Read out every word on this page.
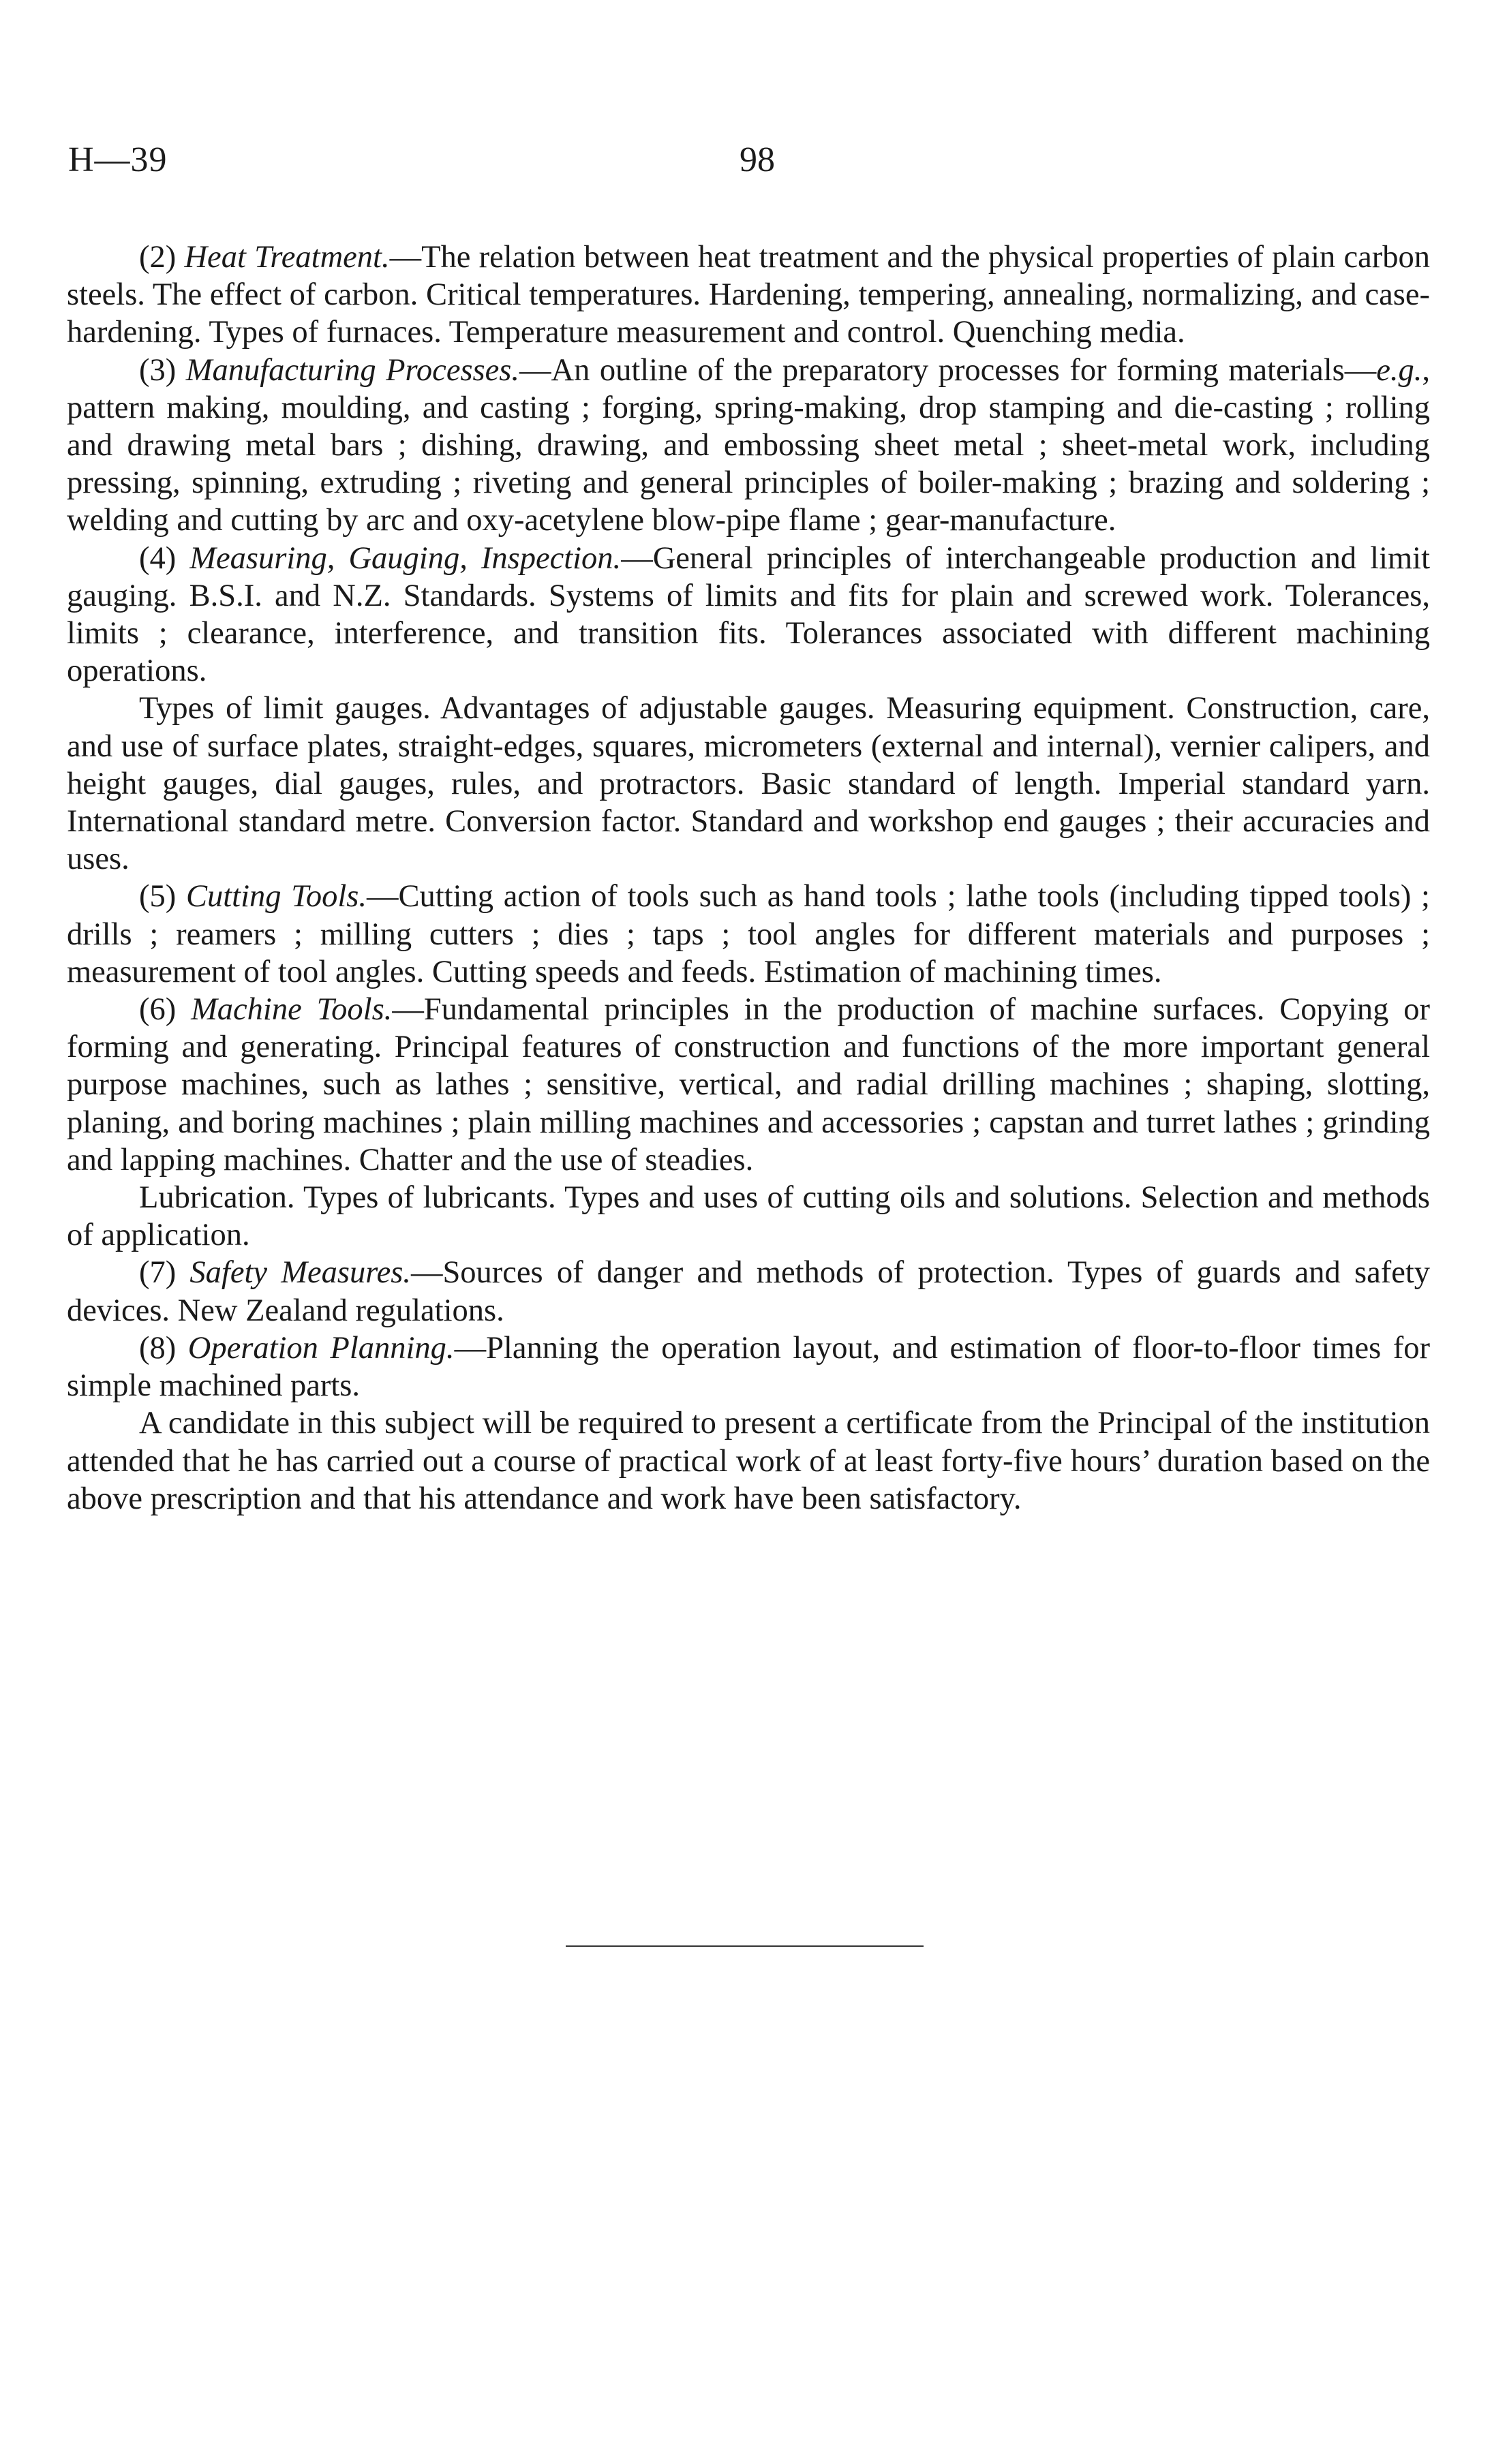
H—39	98

(2) Heat Treatment.—The relation between heat treatment and the physical properties of plain carbon steels. The effect of carbon. Critical temperatures. Hardening, tempering, annealing, normalizing, and case-hardening. Types of furnaces. Temperature measurement and control. Quenching media.

(3) Manufacturing Processes.—An outline of the preparatory processes for forming materials—e.g., pattern making, moulding, and casting ; forging, spring-making, drop stamping and die-casting ; rolling and drawing metal bars ; dishing, drawing, and embossing sheet metal ; sheet-metal work, including pressing, spinning, extruding ; riveting and general principles of boiler-making ; brazing and soldering ; welding and cutting by arc and oxy-acetylene blow-pipe flame ; gear-manufacture.

(4) Measuring, Gauging, Inspection.—General principles of interchangeable production and limit gauging. B.S.I. and N.Z. Standards. Systems of limits and fits for plain and screwed work. Tolerances, limits ; clearance, interference, and transition fits. Tolerances associated with different machining operations.

Types of limit gauges. Advantages of adjustable gauges. Measuring equipment. Construction, care, and use of surface plates, straight-edges, squares, micrometers (external and internal), vernier calipers, and height gauges, dial gauges, rules, and protractors. Basic standard of length. Imperial standard yarn. International standard metre. Conversion factor. Standard and workshop end gauges ; their accuracies and uses.

(5) Cutting Tools.—Cutting action of tools such as hand tools ; lathe tools (including tipped tools) ; drills ; reamers ; milling cutters ; dies ; taps ; tool angles for different materials and purposes ; measurement of tool angles. Cutting speeds and feeds. Estimation of machining times.

(6) Machine Tools.—Fundamental principles in the production of machine surfaces. Copying or forming and generating. Principal features of construction and functions of the more important general purpose machines, such as lathes ; sensitive, vertical, and radial drilling machines ; shaping, slotting, planing, and boring machines ; plain milling machines and accessories ; capstan and turret lathes ; grinding and lapping machines. Chatter and the use of steadies.

Lubrication. Types of lubricants. Types and uses of cutting oils and solutions. Selection and methods of application.

(7) Safety Measures.—Sources of danger and methods of protection. Types of guards and safety devices. New Zealand regulations.

(8) Operation Planning.—Planning the operation layout, and estimation of floor-to-floor times for simple machined parts.

A candidate in this subject will be required to present a certificate from the Principal of the institution attended that he has carried out a course of practical work of at least forty-five hours’ duration based on the above prescription and that his attendance and work have been satisfactory.
